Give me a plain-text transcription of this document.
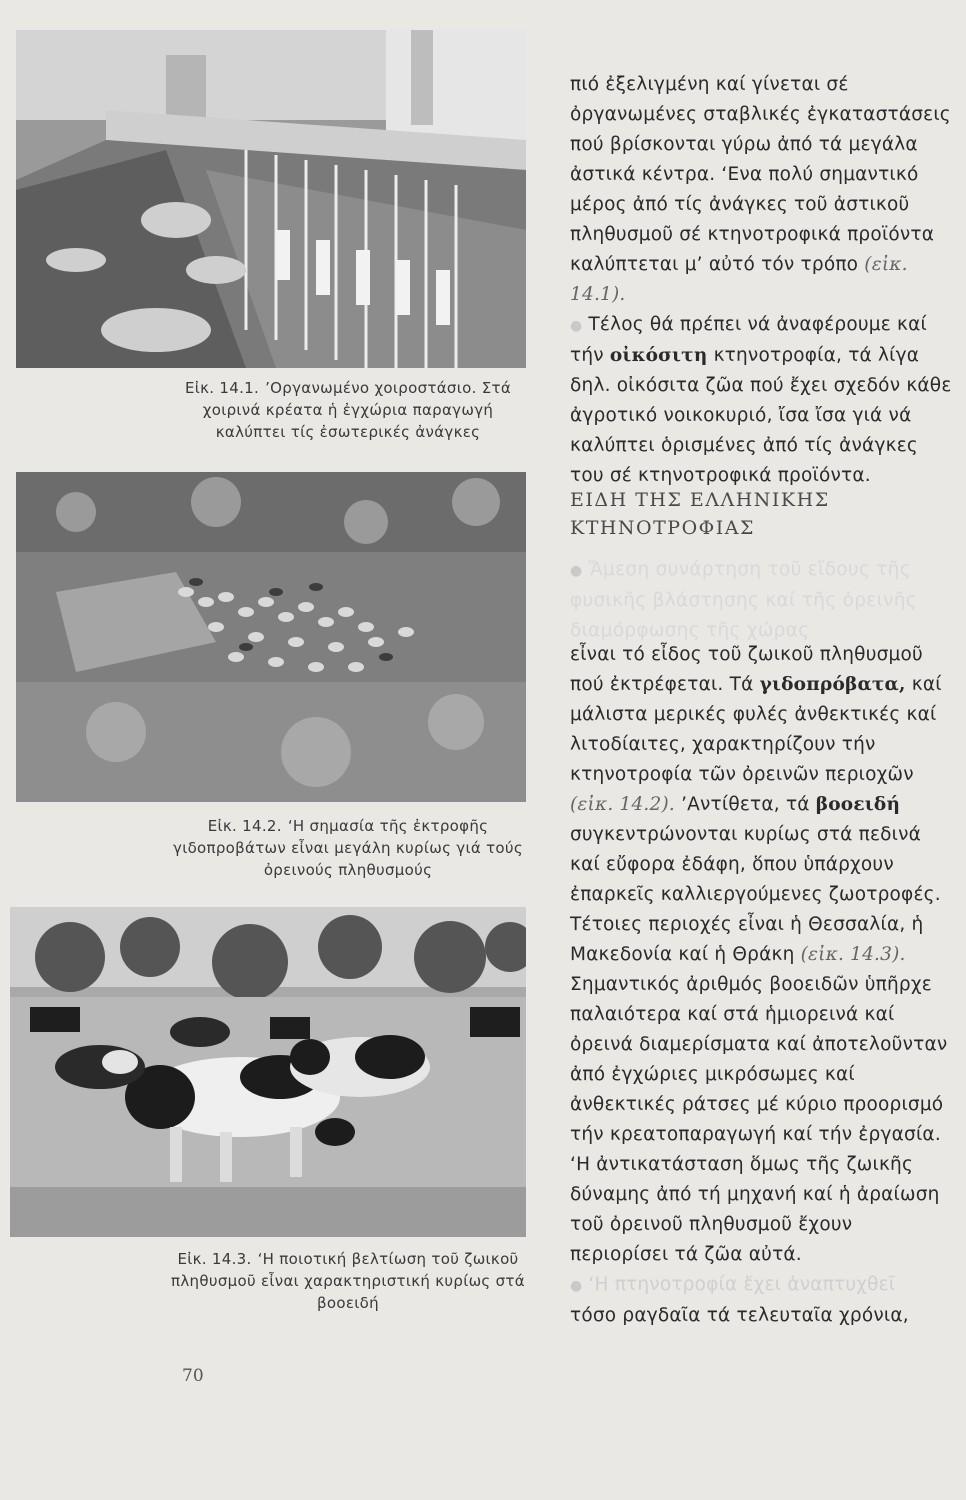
Εἰκ. 14.1. ’Οργανωμένο χοιροστάσιο. Στά χοιρινά κρέατα ἡ ἐγχώρια παραγωγή καλύπτει τίς ἐσωτερικές ἀνάγκες
Εἰκ. 14.2. ‘Η σημασία τῆς ἐκτροφῆς γιδοπροβάτων εἶναι μεγάλη κυρίως γιά τούς ὀρεινούς πληθυσμούς
Εἰκ. 14.3. ‘Η ποιοτική βελτίωση τοῦ ζωικοῦ πληθυσμοῦ εἶναι χαρακτηριστική κυρίως στά βοοειδή

πιό ἐξελιγμένη καί γίνεται σέ ὀργανωμένες σταβλικές ἐγκαταστάσεις πού βρίσκονται γύρω ἀπό τά μεγάλα ἀστικά κέντρα. ‘Ενα πολύ σημαντικό μέρος ἀπό τίς ἀνάγκες τοῦ ἀστικοῦ πληθυσμοῦ σέ κτηνοτροφικά προϊόντα καλύπτεται μ’ αὐτό τόν τρόπο (εἰκ. 14.1).

● Τέλος θά πρέπει νά ἀναφέρουμε καί τήν οἰκόσιτη κτηνοτροφία, τά λίγα δηλ. οἰκόσιτα ζῶα πού ἔχει σχεδόν κάθε ἀγροτικό νοικοκυριό, ἴσα ἴσα γιά νά καλύπτει ὁρισμένες ἀπό τίς ἀνάγκες του σέ κτηνοτροφικά προϊόντα.

ΕΙΔΗ ΤΗΣ ΕΛΛΗΝΙΚΗΣ
ΚΤΗΝΟΤΡΟΦΙΑΣ
● Ἄμεση συνάρτηση τοῦ εἴδους τῆς φυσικῆς βλάστησης καί τῆς ὀρεινῆς διαμόρφωσης τῆς χώρας

εἶναι τό εἶδος τοῦ ζωικοῦ πληθυσμοῦ πού ἐκτρέφεται. Τά γιδοπρόβατα, καί μάλιστα μερικές φυλές ἀνθεκτικές καί λιτοδίαιτες, χαρακτηρίζουν τήν κτηνοτροφία τῶν ὀρεινῶν περιοχῶν (εἰκ. 14.2). ’Αντίθετα, τά βοοειδή συγκεντρώνονται κυρίως στά πεδινά καί εὔφορα ἐδάφη, ὅπου ὑπάρχουν ἐπαρκεῖς καλλιεργούμενες ζωοτροφές. Τέτοιες περιοχές εἶναι ἡ Θεσσαλία, ἡ Μακεδονία καί ἡ Θράκη (εἰκ. 14.3). Σημαντικός ἀριθμός βοοειδῶν ὑπῆρχε παλαιότερα καί στά ἡμιορεινά καί ὀρεινά διαμερίσματα καί ἀποτελοῦνταν ἀπό ἐγχώριες μικρόσωμες καί ἀνθεκτικές ράτσες μέ κύριο προορισμό τήν κρεατοπαραγωγή καί τήν ἐργασία. ‘Η ἀντικατάσταση ὅμως τῆς ζωικῆς δύναμης ἀπό τή μηχανή καί ἡ ἀραίωση τοῦ ὀρεινοῦ πληθυσμοῦ ἔχουν περιορίσει τά ζῶα αὐτά.

● ‘Η πτηνοτροφία ἔχει ἀναπτυχθεῖ

τόσο ραγδαῖα τά τελευταῖα χρόνια,

70
